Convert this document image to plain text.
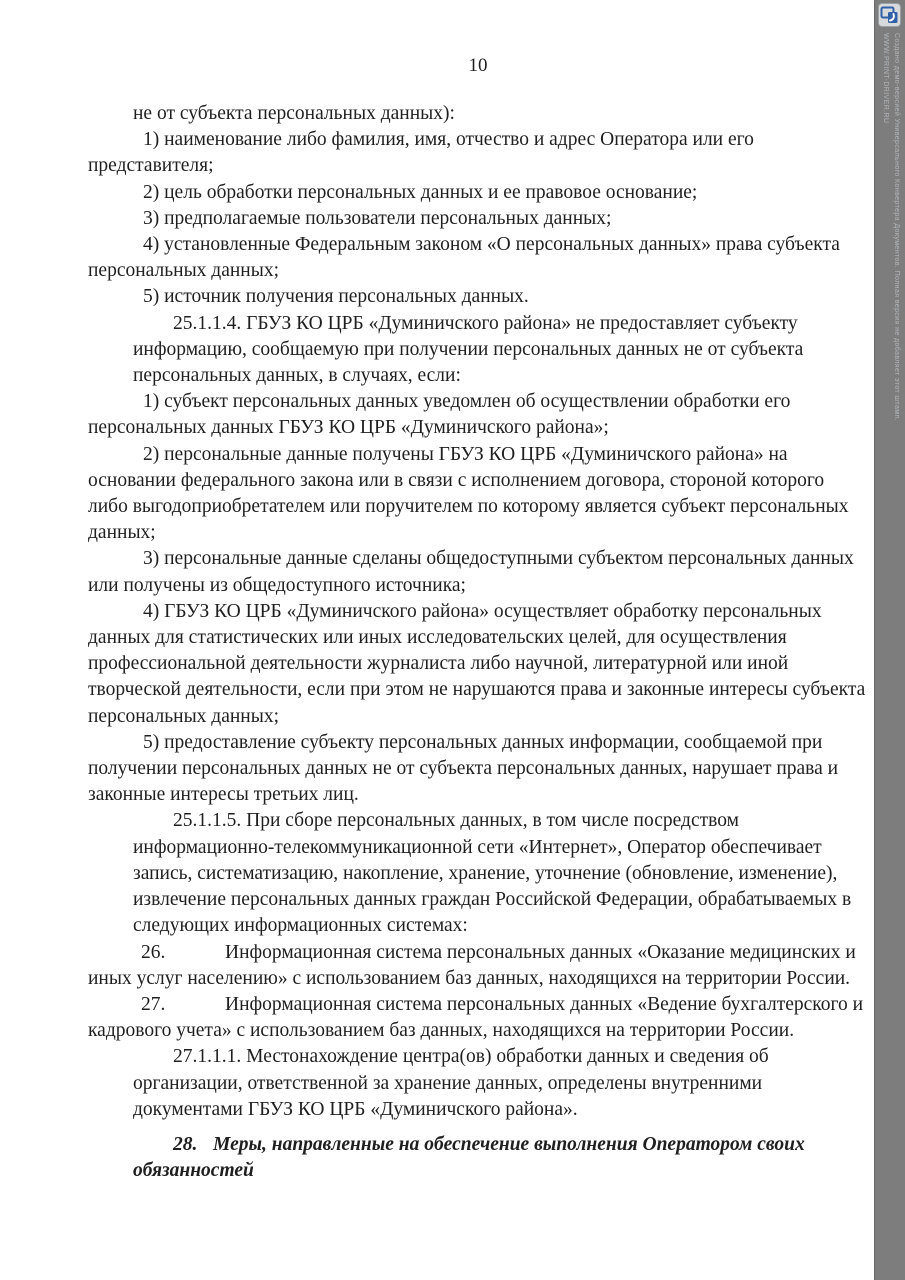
10

не от субъекта персональных данных):

1) наименование либо фамилия, имя, отчество и адрес Оператора или его представителя;

2) цель обработки персональных данных и ее правовое основание;

3) предполагаемые пользователи персональных данных;

4) установленные Федеральным законом «О персональных данных» права субъекта персональных данных;

5) источник получения персональных данных.

25.1.1.4. ГБУЗ КО ЦРБ «Думиничского района» не предоставляет субъекту информацию, сообщаемую при получении персональных данных не от субъекта персональных данных, в случаях, если:

1) субъект персональных данных уведомлен об осуществлении обработки его персональных данных ГБУЗ КО ЦРБ «Думиничского района»;

2) персональные данные получены ГБУЗ КО ЦРБ «Думиничского района» на основании федерального закона или в связи с исполнением договора, стороной которого либо выгодоприобретателем или поручителем по которому является субъект персональных данных;

3) персональные данные сделаны общедоступными субъектом персональных данных или получены из общедоступного источника;

4) ГБУЗ КО ЦРБ «Думиничского района» осуществляет обработку персональных данных для статистических или иных исследовательских целей, для осуществления профессиональной деятельности журналиста либо научной, литературной или иной творческой деятельности, если при этом не нарушаются права и законные интересы субъекта персональных данных;

5) предоставление субъекту персональных данных информации, сообщаемой при получении персональных данных не от субъекта персональных данных, нарушает права и законные интересы третьих лиц.

25.1.1.5. При сборе персональных данных, в том числе посредством информационно-телекоммуникационной сети «Интернет», Оператор обеспечивает запись, систематизацию, накопление, хранение, уточнение (обновление, изменение), извлечение персональных данных граждан Российской Федерации, обрабатываемых в следующих информационных системах:

26.	Информационная система персональных данных «Оказание медицинских и иных услуг населению» с использованием баз данных, находящихся на территории России.

27.	Информационная система персональных данных «Ведение бухгалтерского и кадрового учета» с использованием баз данных, находящихся на территории России.

27.1.1.1. Местонахождение центра(ов) обработки данных и сведения об организации, ответственной за хранение данных, определены внутренними документами ГБУЗ КО ЦРБ «Думиничского района».

28. Меры, направленные на обеспечение выполнения Оператором своих обязанностей

Создано демо-версией Универсального Конвертера Документов. Полная версия не добавляет этот штамп.
WWW.PRINT-DRIVER.RU
